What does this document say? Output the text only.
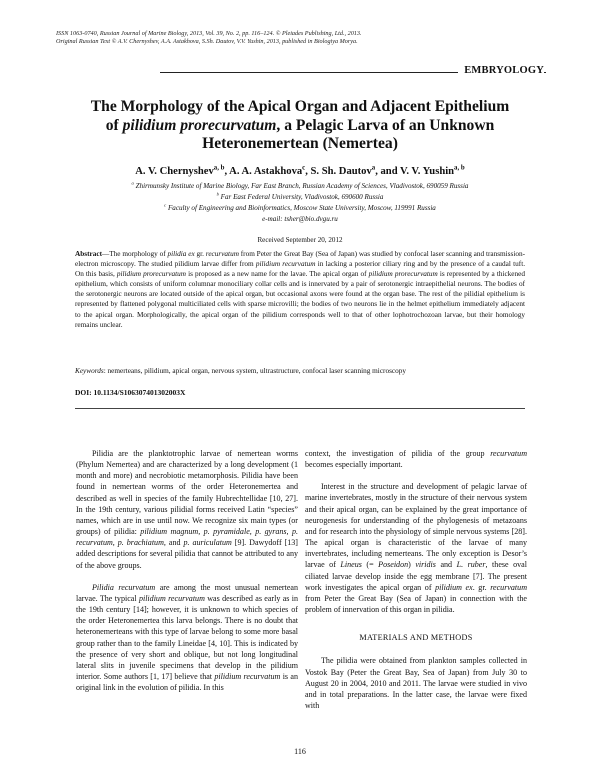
ISSN 1063-0740, Russian Journal of Marine Biology, 2013, Vol. 39, No. 2, pp. 116–124. © Pleiades Publishing, Ltd., 2013.
Original Russian Text © A.V. Chernyshev, A.A. Astakhova, S.Sh. Dautov, V.V. Yushin, 2013, published in Biologiya Morya.
EMBRYOLOGY
The Morphology of the Apical Organ and Adjacent Epithelium
of pilidium prorecurvatum, a Pelagic Larva of an Unknown
Heteronemertean (Nemertea)
A. V. Chernyshev$^{a, b}$, A. A. Astakhova$^c$, S. Sh. Dautov$^a$, and V. V. Yushin$^{a, b}$
$^a$ Zhirmunsky Institute of Marine Biology, Far East Branch, Russian Academy of Sciences, Vladivostok, 690059 Russia
$^b$ Far East Federal University, Vladivostok, 690600 Russia
$^c$ Faculty of Engineering and Bioinformatics, Moscow State University, Moscow, 119991 Russia
e-mail: tsher@bio.dvgu.ru
Received September 20, 2012
Abstract—The morphology of pilidia ex gr. recurvatum from Peter the Great Bay (Sea of Japan) was studied by confocal laser scanning and transmission-electron microscopy. The studied pilidium larvae differ from pilidium recurvatum in lacking a posterior ciliary ring and by the presence of a caudal tuft. On this basis, pilidium prorecurvatum is proposed as a new name for the lavae. The apical organ of pilidium prorecurvatum is represented by a thickened epithelium, which consists of uniform columnar monociliary collar cells and is innervated by a pair of serotonergic intraepithelial neurons. The bodies of the serotonergic neurons are located outside of the apical organ, but occasional axons were found at the organ base. The rest of the pilidial epithelium is represented by flattened polygonal multiciliated cells with sparse microvilli; the bodies of two neurons lie in the helmet epithelium immediately adjacent to the apical organ. Morphologically, the apical organ of the pilidium corresponds well to that of other lophotrochozoan larvae, but their homology remains unclear.
Keywords: nemerteans, pilidium, apical organ, nervous system, ultrastructure, confocal laser scanning microscopy
DOI: 10.1134/S106307401302003X

Pilidia are the planktotrophic larvae of nemertean worms (Phylum Nemertea) and are characterized by a long development (1 month and more) and necrobiotic metamorphosis. Pilidia have been found in nemertean worms of the order Heteronemertea and described as well in species of the family Hubrechtellidae [10, 27]. In the 19th century, various pilidial forms received Latin “species” names, which are in use until now. We recognize six main types (or groups) of pilidia: pilidium magnum, p. pyramidale, p. gyrans, p. recurvatum, p. brachiatum, and p. auriculatum [9]. Dawydoff [13] added descriptions for several pilidia that cannot be attributed to any of the above groups.

Pilidia recurvatum are among the most unusual nemertean larvae. The typical pilidium recurvatum was described as early as in the 19th century [14]; however, it is unknown to which species of the order Heteronemertea this larva belongs. There is no doubt that heteronemerteans with this type of larvae belong to some more basal group rather than to the family Lineidae [4, 10]. This is indicated by the presence of very short and oblique, but not long longitudinal lateral slits in juvenile specimens that develop in the pilidium interior. Some authors [1, 17] believe that pilidium recurvatum is an original link in the evolution of pilidia. In this

context, the investigation of pilidia of the group recurvatum becomes especially important.

Interest in the structure and development of pelagic larvae of marine invertebrates, mostly in the structure of their nervous system and their apical organ, can be explained by the great importance of neurogenesis for understanding of the phylogenesis of metazoans and for research into the physiology of simple nervous systems [28]. The apical organ is characteristic of the larvae of many invertebrates, including nemerteans. The only exception is Desor’s larvae of Lineus (= Poseidon) viridis and L. ruber, these oval ciliated larvae develop inside the egg membrane [7]. The present work investigates the apical organ of pilidium ex. gr. recurvatum from Peter the Great Bay (Sea of Japan) in connection with the problem of innervation of this organ in pilidia.

MATERIALS AND METHODS

The pilidia were obtained from plankton samples collected in Vostok Bay (Peter the Great Bay, Sea of Japan) from July 30 to August 20 in 2004, 2010 and 2011. The larvae were studied in vivo and in total preparations. In the latter case, the larvae were fixed with

116
